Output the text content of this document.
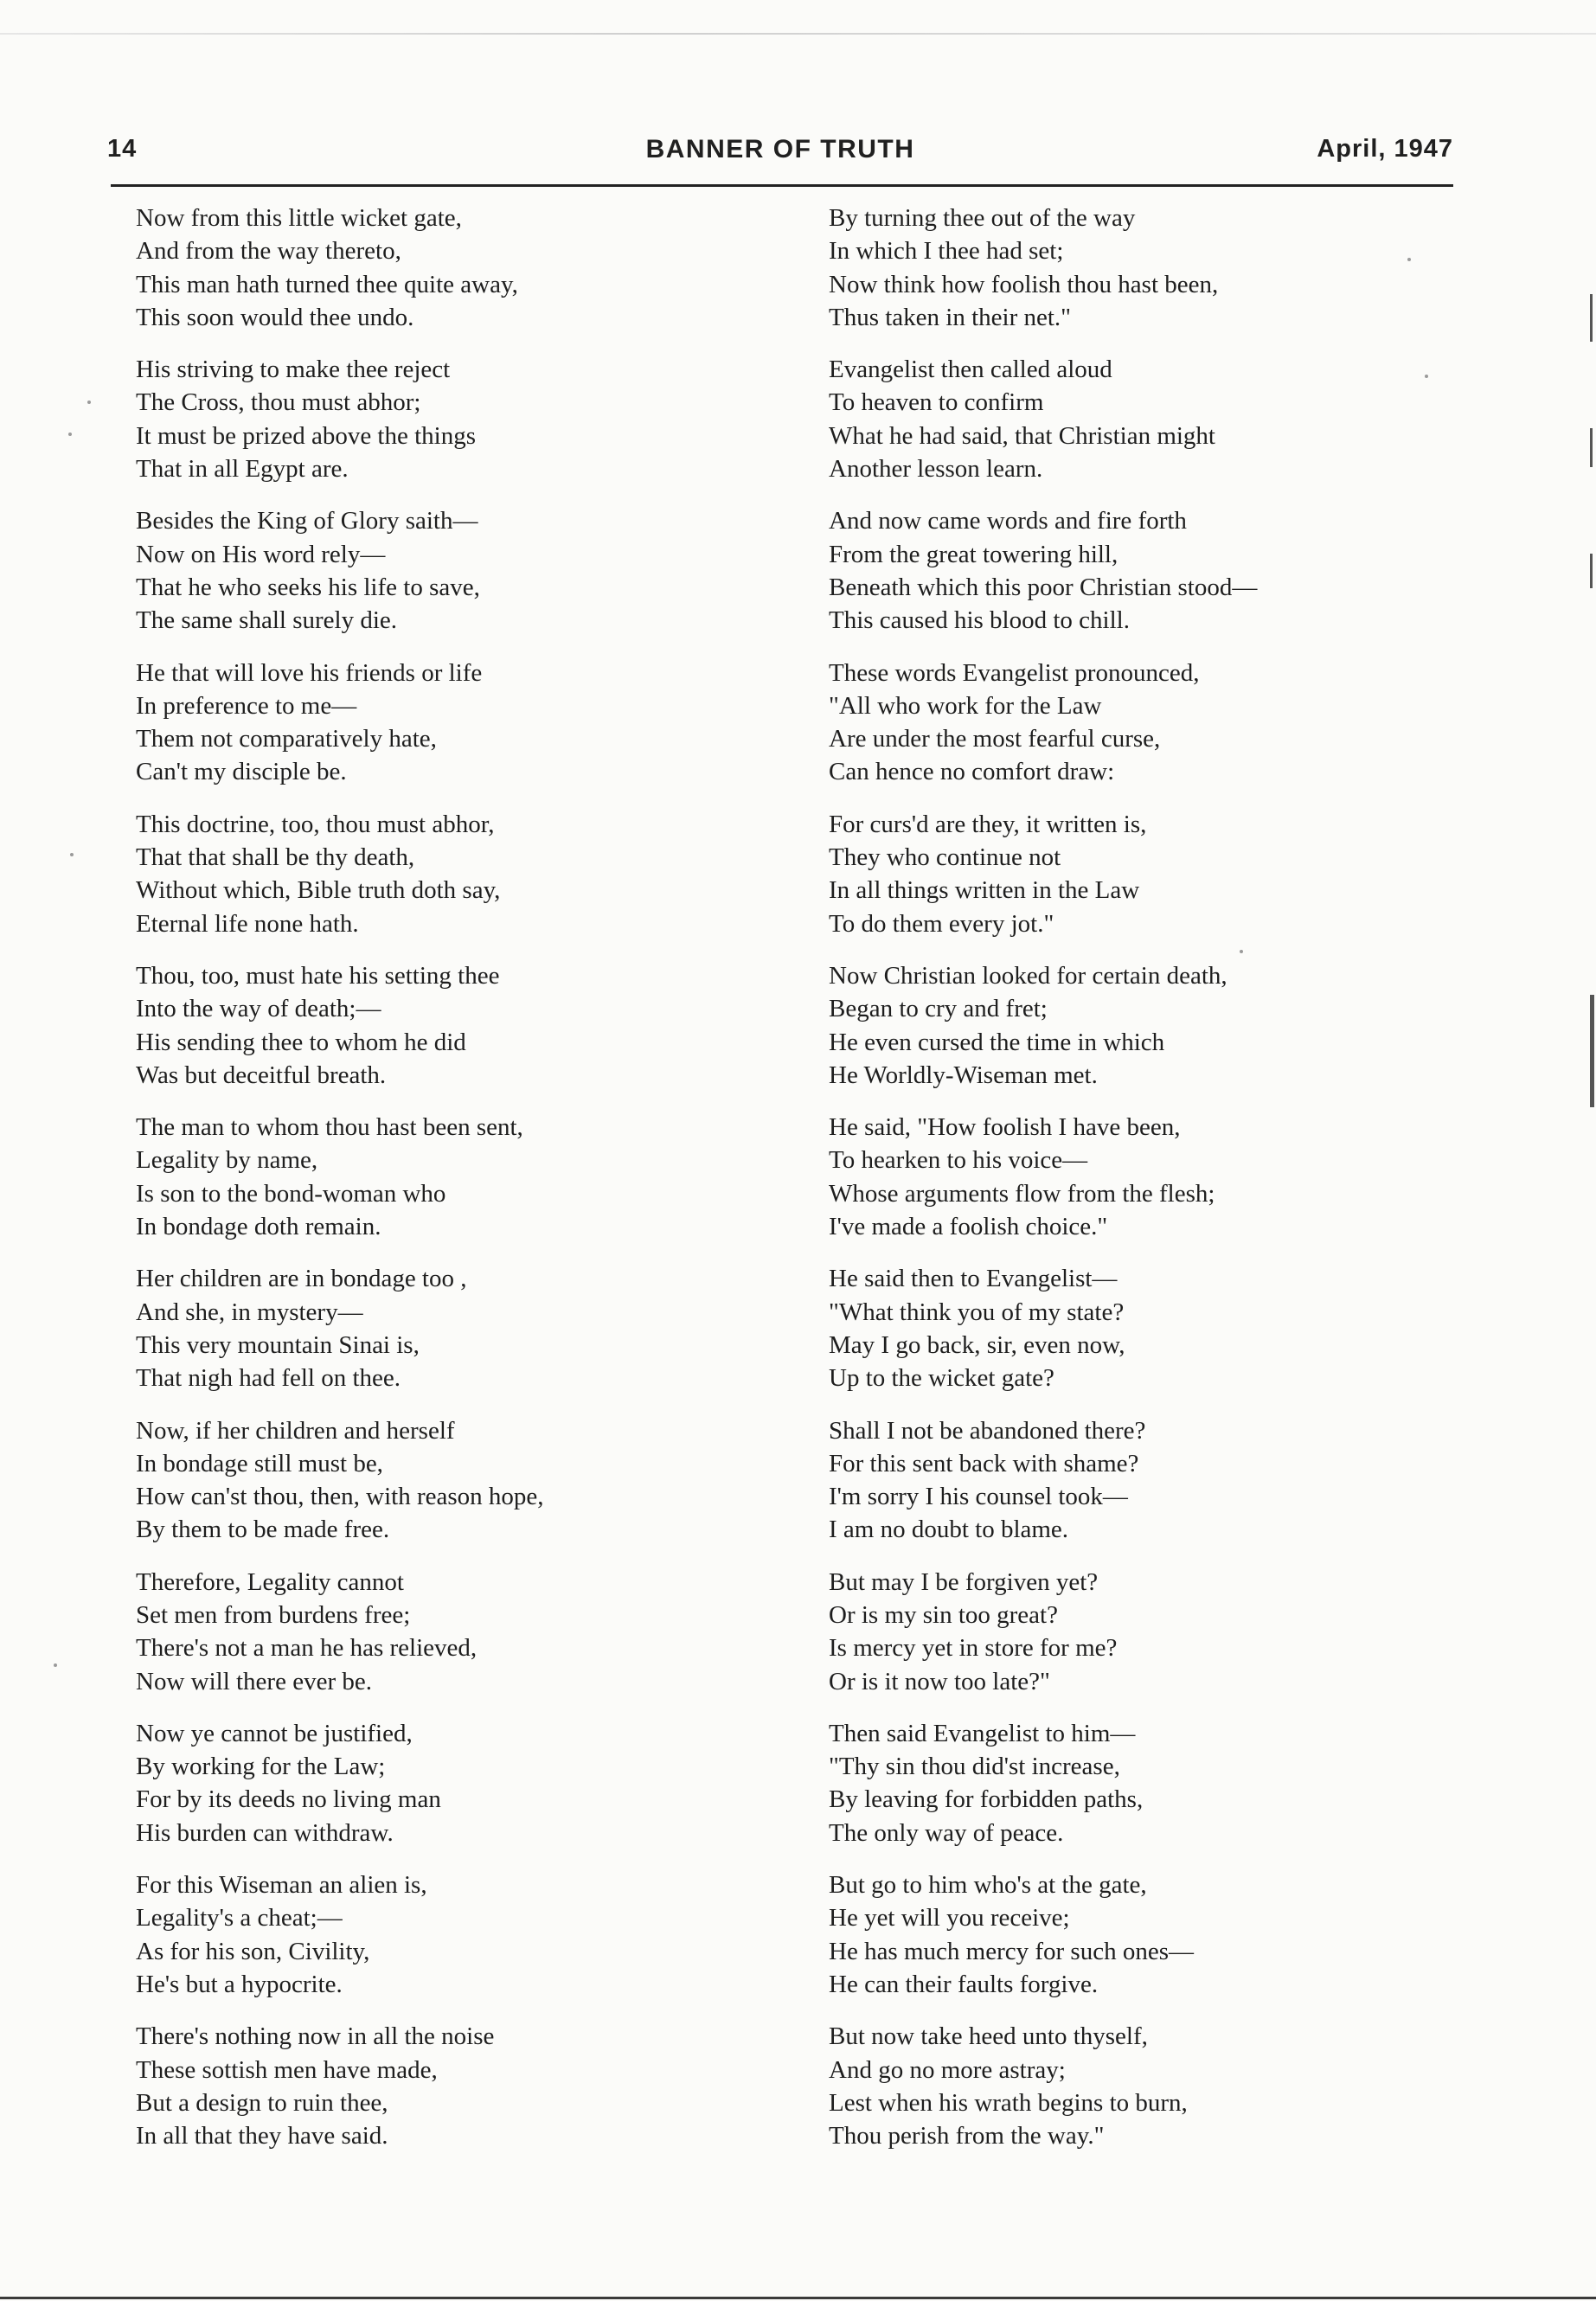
14	BANNER OF TRUTH	April, 1947
Now from this little wicket gate,
And from the way thereto,
This man hath turned thee quite away,
This soon would thee undo.
His striving to make thee reject
The Cross, thou must abhor;
It must be prized above the things
That in all Egypt are.
Besides the King of Glory saith—
Now on His word rely—
That he who seeks his life to save,
The same shall surely die.
He that will love his friends or life
In preference to me—
Them not comparatively hate,
Can't my disciple be.
This doctrine, too, thou must abhor,
That that shall be thy death,
Without which, Bible truth doth say,
Eternal life none hath.
Thou, too, must hate his setting thee
Into the way of death;—
His sending thee to whom he did
Was but deceitful breath.
The man to whom thou hast been sent,
Legality by name,
Is son to the bond-woman who
In bondage doth remain.
Her children are in bondage too ,
And she, in mystery—
This very mountain Sinai is,
That nigh had fell on thee.
Now, if her children and herself
In bondage still must be,
How can'st thou, then, with reason hope,
By them to be made free.
Therefore, Legality cannot
Set men from burdens free;
There's not a man he has relieved,
Now will there ever be.
Now ye cannot be justified,
By working for the Law;
For by its deeds no living man
His burden can withdraw.
For this Wiseman an alien is,
Legality's a cheat;—
As for his son, Civility,
He's but a hypocrite.
There's nothing now in all the noise
These sottish men have made,
But a design to ruin thee,
In all that they have said.
By turning thee out of the way
In which I thee had set;
Now think how foolish thou hast been,
Thus taken in their net."
Evangelist then called aloud
To heaven to confirm
What he had said, that Christian might
Another lesson learn.
And now came words and fire forth
From the great towering hill,
Beneath which this poor Christian stood—
This caused his blood to chill.
These words Evangelist pronounced,
"All who work for the Law
Are under the most fearful curse,
Can hence no comfort draw:
For curs'd are they, it written is,
They who continue not
In all things written in the Law
To do them every jot."
Now Christian looked for certain death,
Began to cry and fret;
He even cursed the time in which
He Worldly-Wiseman met.
He said, "How foolish I have been,
To hearken to his voice—
Whose arguments flow from the flesh;
I've made a foolish choice."
He said then to Evangelist—
"What think you of my state?
May I go back, sir, even now,
Up to the wicket gate?
Shall I not be abandoned there?
For this sent back with shame?
I'm sorry I his counsel took—
I am no doubt to blame.
But may I be forgiven yet?
Or is my sin too great?
Is mercy yet in store for me?
Or is it now too late?"
Then said Evangelist to him—
"Thy sin thou did'st increase,
By leaving for forbidden paths,
The only way of peace.
But go to him who's at the gate,
He yet will you receive;
He has much mercy for such ones—
He can their faults forgive.
But now take heed unto thyself,
And go no more astray;
Lest when his wrath begins to burn,
Thou perish from the way."
